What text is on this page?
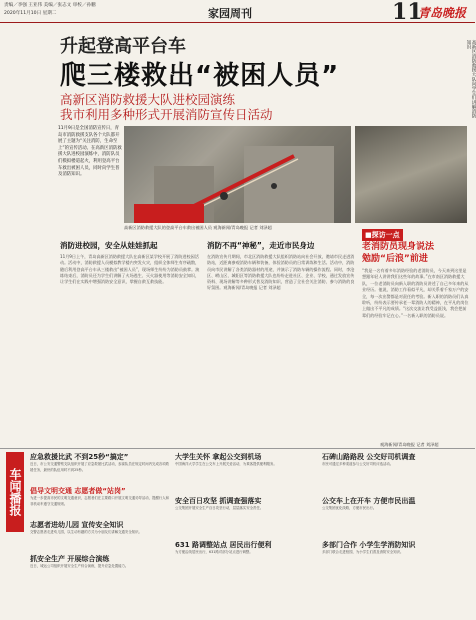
责编／李强 王亚伟 美编／张志文 审校／孙鹏
2020年11月10日 星期二	家园周刊	11
青岛晚报
升起登高平台车
爬三楼救出“被困人员”
高新区消防救援大队进校园演练
我市利用多种形式开展消防宣传日活动
11月9日是全国消防宣传日，青岛市消防救援支队各个大队都开展了主题为“关注消防，生命至上”的宣传活动。在高新区消防救援大队进校园演练中，消防队员们模拟楼道起火，利用登高平台车救出被困人员，同时向学生普及消防知识。
高新区消防救援大队的登高平台车救出被困人员 观海新闻/青岛晚报 记者 刘泽超
高新区消防救援大队向学生们讲解消防知识
■探访一点
老消防员现身说法
勉励“后浪”前进
“我是一名有着多年消防经验的老消防员，今天来到这里是想跟年轻人讲讲我们这些年的故事。”在市南区消防救援大队，一位老消防员向新入职的消防员讲述了自己多年来的从业经历。他说，消防工作看似平凡，却关系着千家万户的安全，每一次出警都是对责任的考验。新入职的消防员们认真聆听，纷纷表示要传承老一辈消防人的精神，在平凡的岗位上做出不平凡的成绩。“这次交流让我受益匪浅，我会把前辈们的经验牢记在心。”一名新入职的消防员说。
观海新闻/青岛晚报 记者 刘泽超
消防进校园，安全从娃娃抓起
11月9日上午，青岛高新区消防救援大队在高新区某学校开展了消防进校园活动。活动中，消防救援人员模拟教学楼内突发火灾，组织全体师生有序疏散，随后利用登高平台车从三楼救出“被困人员”，现场师生纷纷为消防员鼓掌。演练结束后，消防员还为学生们讲解了火场逃生、灭火器使用等消防安全知识，让学生们在实践中增强消防安全意识，掌握自救互救技能。
消防不再“神秘”，走近市民身边
在消防宣传月期间，市北区消防救援大队组织消防站向社会开放，邀请市民走进消防站，近距离参观消防车辆和装备，体验消防员的日常训练和生活。活动中，消防员向市民讲解了各类消防器材的用途，并演示了消防车辆的操作流程。同时，李沧区、崂山区、城阳区等消防救援大队也纷纷走进社区、企业、学校，通过发放宣传资料、现场讲解等多种形式普及消防知识，营造了全社会关注消防、参与消防的良好氛围。观海新闻/青岛晚报 记者 刘泽超
车闻播报
应急救援比武 不到25秒“搞定”
近日，市公安交通警察支队组织开展了应急救援比武活动，参赛队员在规定时间内完成各项救援任务，最快的队伍用时不到25秒。
倡导文明交通 志愿者做“站岗”
为进一步提高市民的文明交通意识，志愿者们在主要路口开展文明交通劝导活动，提醒行人和非机动车遵守交通规则。
志愿者进幼儿园 宣传安全知识
交警志愿者走进幼儿园，以生动有趣的方式为小朋友们讲解交通安全知识。
抓安全生产 开展综合演练
近日，城运公司组织开展安全生产综合演练，提升应急处置能力。
大学生关怀 拿起公交到机场
中国海洋大学学生在公交车上开展关爱活动，为乘客提供便利服务。
安全百日攻坚 抓调查强落实
公交集团开展安全生产百日攻坚行动，层层落实安全责任。
631 路调整站点 居民出行便利
为方便沿线居民出行，631路对部分站点进行调整。
石碑山路路段 公交好司机调查
市民可通过多种渠道参与公交好司机评选活动。
公交车上在开车 方便市民出温
公交集团优化线路，方便市民出行。
多部门合作 小学生学消防知识
多部门联合走进校园，为小学生们普及消防安全知识。
